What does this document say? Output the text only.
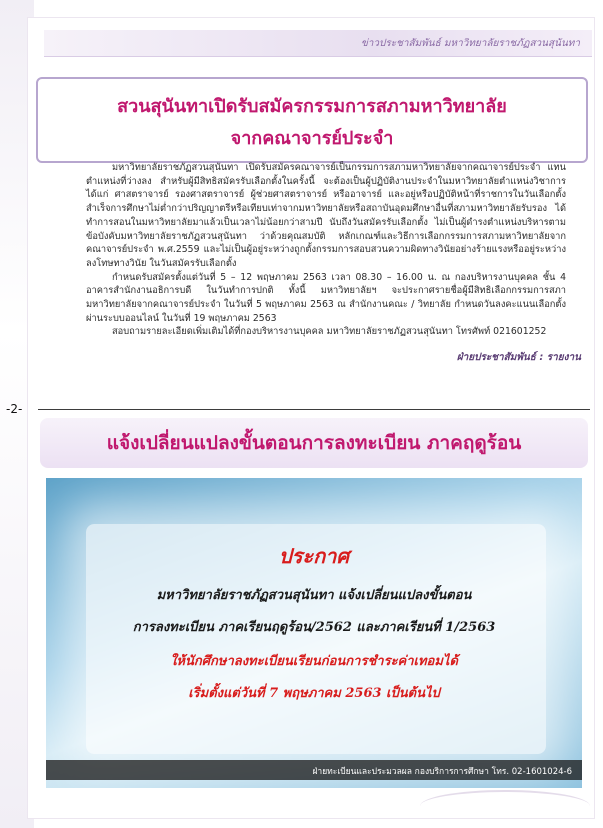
ข่าวประชาสัมพันธ์ มหาวิทยาลัยราชภัฏสวนสุนันทา
สวนสุนันทาเปิดรับสมัครกรรมการสภามหาวิทยาลัย
จากคณาจารย์ประจำ

มหาวิทยาลัยราชภัฏสวนสุนันทา เปิดรับสมัครคณาจารย์เป็นกรรมการสภามหาวิทยาลัยจากคณาจารย์ประจำ แทนตำแหน่งที่ว่างลง สำหรับผู้มีสิทธิสมัครรับเลือกตั้งในครั้งนี้ จะต้องเป็นผู้ปฏิบัติงานประจำในมหาวิทยาลัยตำแหน่งวิชาการ ได้แก่ ศาสตราจารย์ รองศาสตราจารย์ ผู้ช่วยศาสตราจารย์ หรืออาจารย์ และอยู่หรือปฏิบัติหน้าที่ราชการในวันเลือกตั้ง สำเร็จการศึกษาไม่ต่ำกว่าปริญญาตรีหรือเทียบเท่าจากมหาวิทยาลัยหรือสถาบันอุดมศึกษาอื่นที่สภามหาวิทยาลัยรับรอง ได้ทำการสอนในมหาวิทยาลัยมาแล้วเป็นเวลาไม่น้อยกว่าสามปี นับถึงวันสมัครรับเลือกตั้ง ไม่เป็นผู้ดำรงตำแหน่งบริหารตามข้อบังคับมหาวิทยาลัยราชภัฏสวนสุนันทา ว่าด้วยคุณสมบัติ หลักเกณฑ์และวิธีการเลือกกรรมการสภามหาวิทยาลัยจากคณาจารย์ประจำ พ.ศ.2559 และไม่เป็นผู้อยู่ระหว่างถูกตั้งกรรมการสอบสวนความผิดทางวินัยอย่างร้ายแรงหรืออยู่ระหว่างลงโทษทางวินัย ในวันสมัครรับเลือกตั้ง

กำหนดรับสมัครตั้งแต่วันที่ 5 – 12 พฤษภาคม 2563 เวลา 08.30 – 16.00 น. ณ กองบริหารงานบุคคล ชั้น 4 อาคารสำนักงานอธิการบดี ในวันทำการปกติ ทั้งนี้ มหาวิทยาลัยฯ จะประกาศรายชื่อผู้มีสิทธิเลือกกรรมการสภามหาวิทยาลัยจากคณาจารย์ประจำ ในวันที่ 5 พฤษภาคม 2563 ณ สำนักงานคณะ / วิทยาลัย กำหนดวันลงคะแนนเลือกตั้งผ่านระบบออนไลน์ ในวันที่ 19 พฤษภาคม 2563

สอบถามรายละเอียดเพิ่มเติมได้ที่กองบริหารงานบุคคล มหาวิทยาลัยราชภัฏสวนสุนันทา โทรศัพท์ 021601252

ฝ่ายประชาสัมพันธ์ : รายงาน
-2-
แจ้งเปลี่ยนแปลงขั้นตอนการลงทะเบียน ภาคฤดูร้อน
ประกาศ
มหาวิทยาลัยราชภัฏสวนสุนันทา แจ้งเปลี่ยนแปลงขั้นตอน
การลงทะเบียน ภาคเรียนฤดูร้อน/2562 และภาคเรียนที่ 1/2563
ให้นักศึกษาลงทะเบียนเรียนก่อนการชำระค่าเทอมได้
เริ่มตั้งแต่วันที่ 7 พฤษภาคม 2563 เป็นต้นไป
ฝ่ายทะเบียนและประมวลผล กองบริการการศึกษา โทร. 02-1601024-6
